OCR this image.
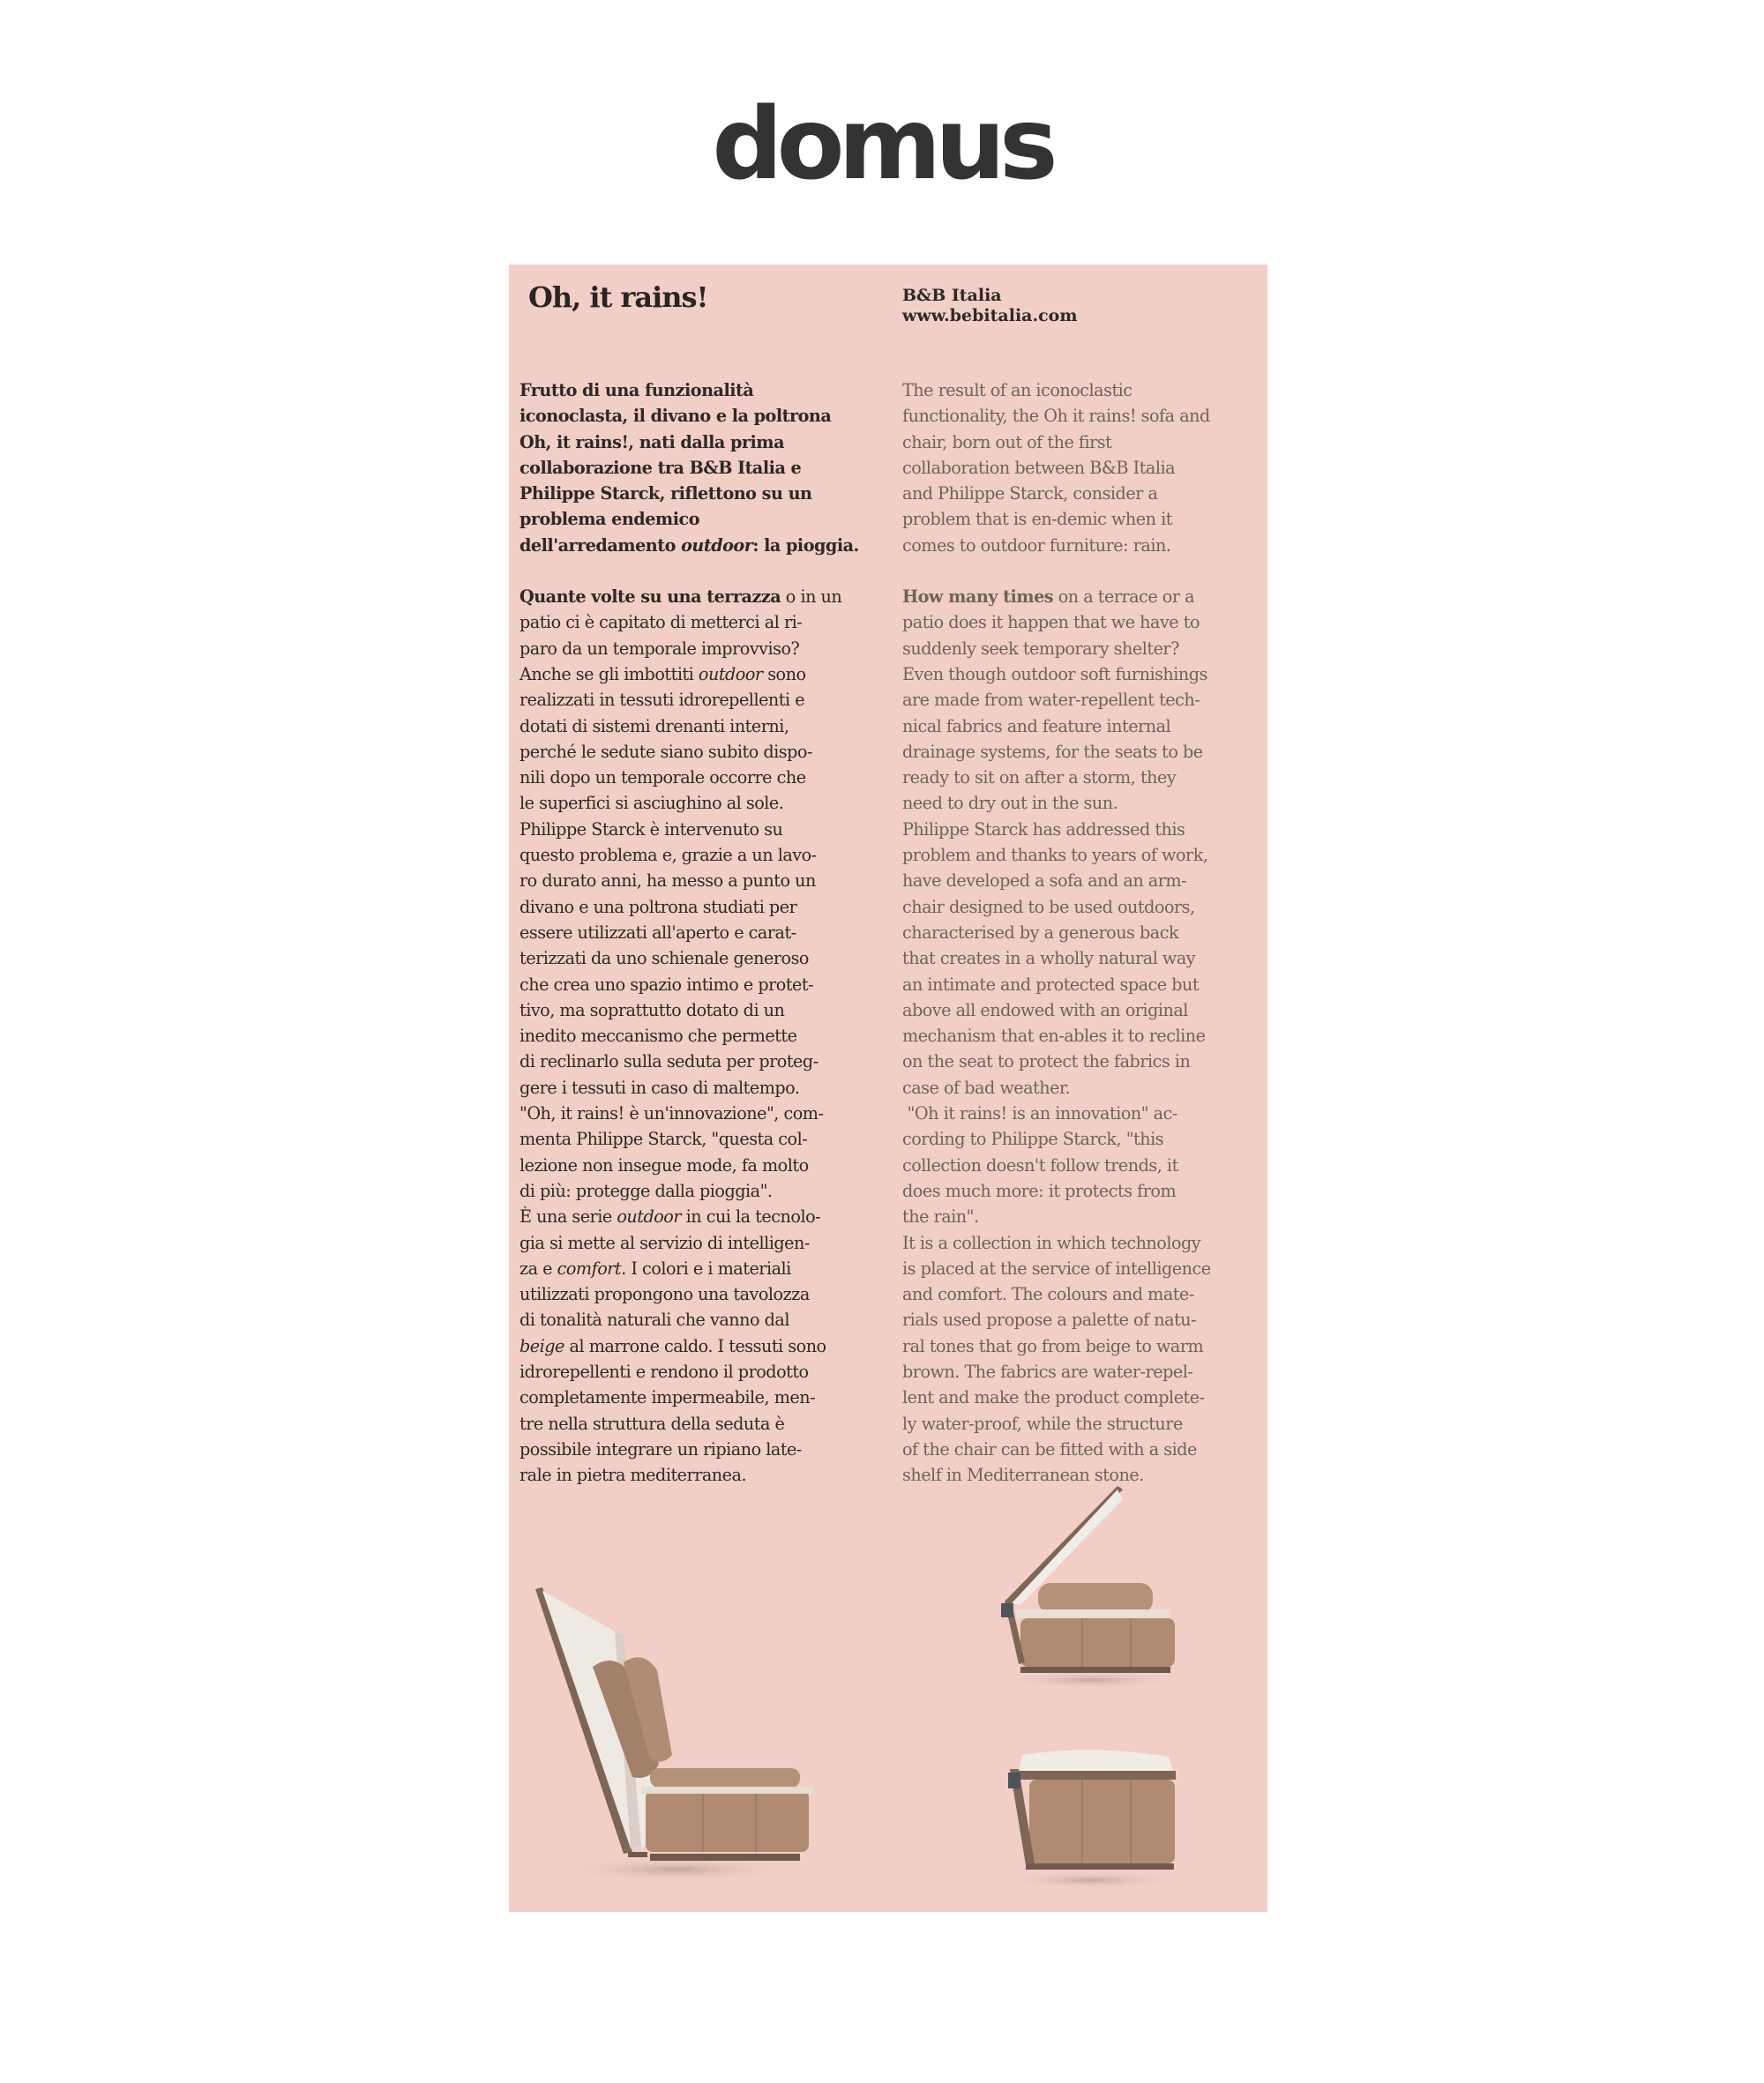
domus
Oh, it rains!	B&B Italia
www.bebitalia.com

Frutto di una funzionalità
iconoclasta, il divano e la poltrona
Oh, it rains!, nati dalla prima
collaborazione tra B&B Italia e
Philippe Starck, riflettono su un
problema endemico
dell'arredamento outdoor: la pioggia.

Quante volte su una terrazza o in un
patio ci è capitato di metterci al ri-
paro da un temporale improvviso?
Anche se gli imbottiti outdoor sono
realizzati in tessuti idrorepellenti e
dotati di sistemi drenanti interni,
perché le sedute siano subito dispo-
nili dopo un temporale occorre che
le superfici si asciughino al sole.
Philippe Starck è intervenuto su
questo problema e, grazie a un lavo-
ro durato anni, ha messo a punto un
divano e una poltrona studiati per
essere utilizzati all'aperto e carat-
terizzati da uno schienale generoso
che crea uno spazio intimo e protet-
tivo, ma soprattutto dotato di un
inedito meccanismo che permette
di reclinarlo sulla seduta per proteg-
gere i tessuti in caso di maltempo.
"Oh, it rains! è un'innovazione", com-
menta Philippe Starck, "questa col-
lezione non insegue mode, fa molto
di più: protegge dalla pioggia".
È una serie outdoor in cui la tecnolo-
gia si mette al servizio di intelligen-
za e comfort. I colori e i materiali
utilizzati propongono una tavolozza
di tonalità naturali che vanno dal
beige al marrone caldo. I tessuti sono
idrorepellenti e rendono il prodotto
completamente impermeabile, men-
tre nella struttura della seduta è
possibile integrare un ripiano late-
rale in pietra mediterranea.

The result of an iconoclastic
functionality, the Oh it rains! sofa and
chair, born out of the first
collaboration between B&B Italia
and Philippe Starck, consider a
problem that is en-demic when it
comes to outdoor furniture: rain.

How many times on a terrace or a
patio does it happen that we have to
suddenly seek temporary shelter?
Even though outdoor soft furnishings
are made from water-repellent tech-
nical fabrics and feature internal
drainage systems, for the seats to be
ready to sit on after a storm, they
need to dry out in the sun.
Philippe Starck has addressed this
problem and thanks to years of work,
have developed a sofa and an arm-
chair designed to be used outdoors,
characterised by a generous back
that creates in a wholly natural way
an intimate and protected space but
above all endowed with an original
mechanism that en-ables it to recline
on the seat to protect the fabrics in
case of bad weather.
"Oh it rains! is an innovation" ac-
cording to Philippe Starck, "this
collection doesn't follow trends, it
does much more: it protects from
the rain".
It is a collection in which technology
is placed at the service of intelligence
and comfort. The colours and mate-
rials used propose a palette of natu-
ral tones that go from beige to warm
brown. The fabrics are water-repel-
lent and make the product complete-
ly water-proof, while the structure
of the chair can be fitted with a side
shelf in Mediterranean stone.
